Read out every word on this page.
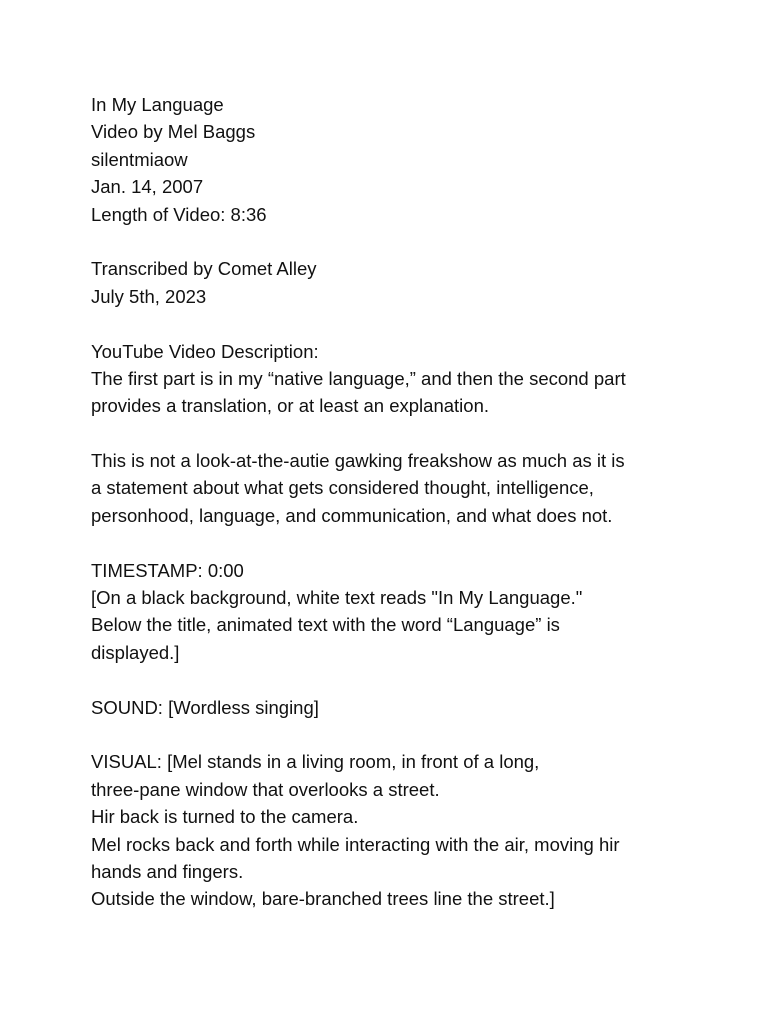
In My Language
Video by Mel Baggs
silentmiaow
Jan. 14, 2007
Length of Video: 8:36
Transcribed by Comet Alley
July 5th, 2023
YouTube Video Description:
The first part is in my “native language,” and then the second part
provides a translation, or at least an explanation.
This is not a look-at-the-autie gawking freakshow as much as it is
a statement about what gets considered thought, intelligence,
personhood, language, and communication, and what does not.
TIMESTAMP: 0:00
[On a black background, white text reads "In My Language."
Below the title, animated text with the word “Language” is
displayed.]
SOUND: [Wordless singing]
VISUAL: [Mel stands in a living room, in front of a long,
three-pane window that overlooks a street.
Hir back is turned to the camera.
Mel rocks back and forth while interacting with the air, moving hir
hands and fingers.
Outside the window, bare-branched trees line the street.]
